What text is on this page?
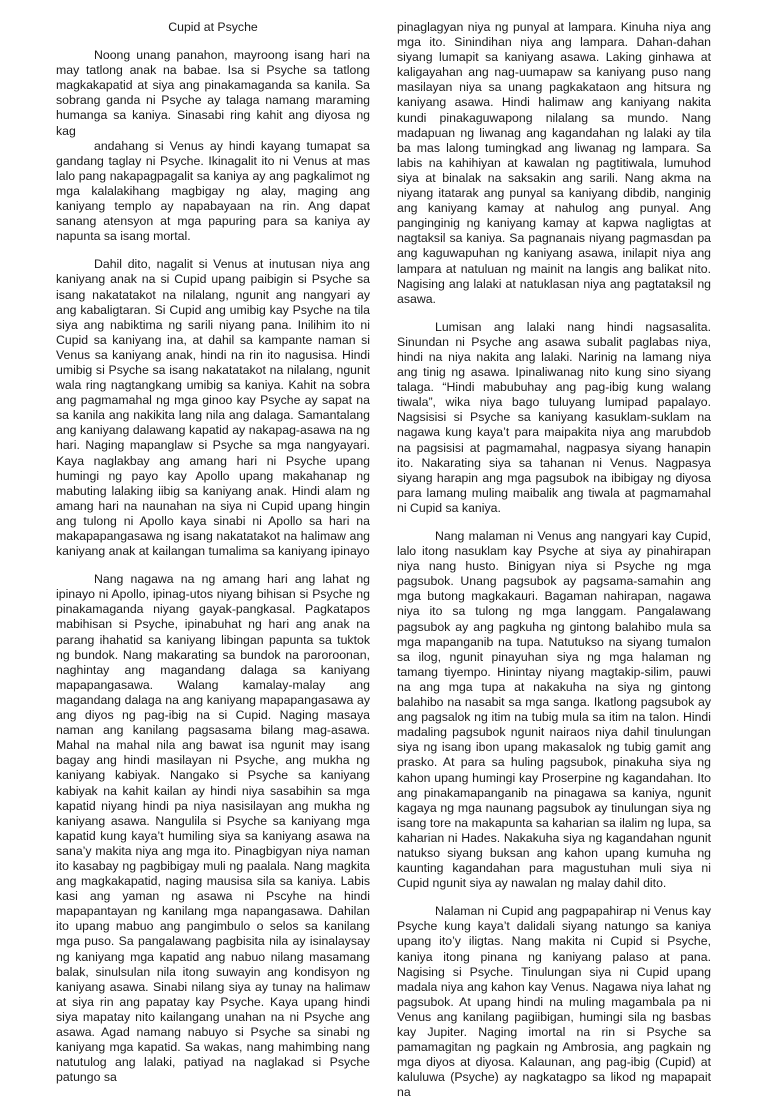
Cupid at Psyche

Noong unang panahon, mayroong isang hari na may tatlong anak na babae. Isa si Psyche sa tatlong magkakapatid at siya ang pinakamaganda sa kanila. Sa sobrang ganda ni Psyche ay talaga namang maraming humanga sa kaniya. Sinasabi ring kahit ang diyosa ng kag

andahang si Venus ay hindi kayang tumapat sa gandang taglay ni Psyche. Ikinagalit ito ni Venus at mas lalo pang nakapagpagalit sa kaniya ay ang pagkalimot ng mga kalalakihang magbigay ng alay, maging ang kaniyang templo ay napabayaan na rin. Ang dapat sanang atensyon at mga papuring para sa kaniya ay napunta sa isang mortal.

Dahil dito, nagalit si Venus at inutusan niya ang kaniyang anak na si Cupid upang paibigin si Psyche sa isang nakatatakot na nilalang, ngunit ang nangyari ay ang kabaligtaran. Si Cupid ang umibig kay Psyche na tila siya ang nabiktima ng sarili niyang pana. Inilihim ito ni Cupid sa kaniyang ina, at dahil sa kampante naman si Venus sa kaniyang anak, hindi na rin ito nagusisa. Hindi umibig si Psyche sa isang nakatatakot na nilalang, ngunit wala ring nagtangkang umibig sa kaniya. Kahit na sobra ang pagmamahal ng mga ginoo kay Psyche ay sapat na sa kanila ang nakikita lang nila ang dalaga. Samantalang ang kaniyang dalawang kapatid ay nakapag-asawa na ng hari. Naging mapanglaw si Psyche sa mga nangyayari. Kaya naglakbay ang amang hari ni Psyche upang humingi ng payo kay Apollo upang makahanap ng mabuting lalaking iibig sa kaniyang anak. Hindi alam ng amang hari na naunahan na siya ni Cupid upang hingin ang tulong ni Apollo kaya sinabi ni Apollo sa hari na makapapangasawa ng isang nakatatakot na halimaw ang kaniyang anak at kailangan tumalima sa kaniyang ipinayo

Nang nagawa na ng amang hari ang lahat ng ipinayo ni Apollo, ipinag-utos niyang bihisan si Psyche ng pinakamaganda niyang gayak-pangkasal. Pagkatapos mabihisan si Psyche, ipinabuhat ng hari ang anak na parang ihahatid sa kaniyang libingan papunta sa tuktok ng bundok. Nang makarating sa bundok na paroroonan, naghintay ang magandang dalaga sa kaniyang mapapangasawa. Walang kamalay-malay ang magandang dalaga na ang kaniyang mapapangasawa ay ang diyos ng pag-ibig na si Cupid. Naging masaya naman ang kanilang pagsasama bilang mag-asawa. Mahal na mahal nila ang bawat isa ngunit may isang bagay ang hindi masilayan ni Psyche, ang mukha ng kaniyang kabiyak. Nangako si Psyche sa kaniyang kabiyak na kahit kailan ay hindi niya sasabihin sa mga kapatid niyang hindi pa niya nasisilayan ang mukha ng kaniyang asawa. Nangulila si Psyche sa kaniyang mga kapatid kung kaya’t humiling siya sa kaniyang asawa na sana’y makita niya ang mga ito. Pinagbigyan niya naman ito kasabay ng pagbibigay muli ng paalala. Nang magkita ang magkakapatid, naging mausisa sila sa kaniya. Labis kasi ang yaman ng asawa ni Pscyhe na hindi mapapantayan ng kanilang mga napangasawa. Dahilan ito upang mabuo ang pangimbulo o selos sa kanilang mga puso. Sa pangalawang pagbisita nila ay isinalaysay ng kaniyang mga kapatid ang nabuo nilang masamang balak, sinulsulan nila itong suwayin ang kondisyon ng kaniyang asawa. Sinabi nilang siya ay tunay na halimaw at siya rin ang papatay kay Psyche. Kaya upang hindi siya mapatay nito kailangang unahan na ni Psyche ang asawa. Agad namang nabuyo si Psyche sa sinabi ng kaniyang mga kapatid. Sa wakas, nang mahimbing nang natutulog ang lalaki, patiyad na naglakad si Psyche patungo sa

pinaglagyan niya ng punyal at lampara. Kinuha niya ang mga ito. Sinindihan niya ang lampara. Dahan-dahan siyang lumapit sa kaniyang asawa. Laking ginhawa at kaligayahan ang nag-uumapaw sa kaniyang puso nang masilayan niya sa unang pagkakataon ang hitsura ng kaniyang asawa. Hindi halimaw ang kaniyang nakita kundi pinakaguwapong nilalang sa mundo. Nang madapuan ng liwanag ang kagandahan ng lalaki ay tila ba mas lalong tumingkad ang liwanag ng lampara. Sa labis na kahihiyan at kawalan ng pagtitiwala, lumuhod siya at binalak na saksakin ang sarili. Nang akma na niyang itatarak ang punyal sa kaniyang dibdib, nanginig ang kaniyang kamay at nahulog ang punyal. Ang panginginig ng kaniyang kamay at kapwa nagligtas at nagtaksil sa kaniya. Sa pagnanais niyang pagmasdan pa ang kaguwapuhan ng kaniyang asawa, inilapit niya ang lampara at natuluan ng mainit na langis ang balikat nito. Nagising ang lalaki at natuklasan niya ang pagtataksil ng asawa.

Lumisan ang lalaki nang hindi nagsasalita. Sinundan ni Psyche ang asawa subalit paglabas niya, hindi na niya nakita ang lalaki. Narinig na lamang niya ang tinig ng asawa. Ipinaliwanag nito kung sino siyang talaga. “Hindi mabubuhay ang pag-ibig kung walang tiwala”, wika niya bago tuluyang lumipad papalayo. Nagsisisi si Psyche sa kaniyang kasuklam-suklam na nagawa kung kaya’t para maipakita niya ang marubdob na pagsisisi at pagmamahal, nagpasya siyang hanapin ito. Nakarating siya sa tahanan ni Venus. Nagpasya siyang harapin ang mga pagsubok na ibibigay ng diyosa para lamang muling maibalik ang tiwala at pagmamahal ni Cupid sa kaniya.

Nang malaman ni Venus ang nangyari kay Cupid, lalo itong nasuklam kay Psyche at siya ay pinahirapan niya nang husto. Binigyan niya si Psyche ng mga pagsubok. Unang pagsubok ay pagsama-samahin ang mga butong magkakauri. Bagaman nahirapan, nagawa niya ito sa tulong ng mga langgam. Pangalawang pagsubok ay ang pagkuha ng gintong balahibo mula sa mga mapanganib na tupa. Natutukso na siyang tumalon sa ilog, ngunit pinayuhan siya ng mga halaman ng tamang tiyempo. Hinintay niyang magtakip-silim, pauwi na ang mga tupa at nakakuha na siya ng gintong balahibo na nasabit sa mga sanga. Ikatlong pagsubok ay ang pagsalok ng itim na tubig mula sa itim na talon. Hindi madaling pagsubok ngunit nairaos niya dahil tinulungan siya ng isang ibon upang makasalok ng tubig gamit ang prasko. At para sa huling pagsubok, pinakuha siya ng kahon upang humingi kay Proserpine ng kagandahan. Ito ang pinakamapanganib na pinagawa sa kaniya, ngunit kagaya ng mga naunang pagsubok ay tinulungan siya ng isang tore na makapunta sa kaharian sa ilalim ng lupa, sa kaharian ni Hades. Nakakuha siya ng kagandahan ngunit natukso siyang buksan ang kahon upang kumuha ng kaunting kagandahan para magustuhan muli siya ni Cupid ngunit siya ay nawalan ng malay dahil dito.

Nalaman ni Cupid ang pagpapahirap ni Venus kay Psyche kung kaya’t dalidali siyang natungo sa kaniya upang ito’y iligtas. Nang makita ni Cupid si Psyche, kaniya itong pinana ng kaniyang palaso at pana. Nagising si Psyche. Tinulungan siya ni Cupid upang madala niya ang kahon kay Venus. Nagawa niya lahat ng pagsubok. At upang hindi na muling magambala pa ni Venus ang kanilang pagiibigan, humingi sila ng basbas kay Jupiter. Naging imortal na rin si Psyche sa pamamagitan ng pagkain ng Ambrosia, ang pagkain ng mga diyos at diyosa. Kalaunan, ang pag-ibig (Cupid) at kaluluwa (Psyche) ay nagkatagpo sa likod ng mapapait na
